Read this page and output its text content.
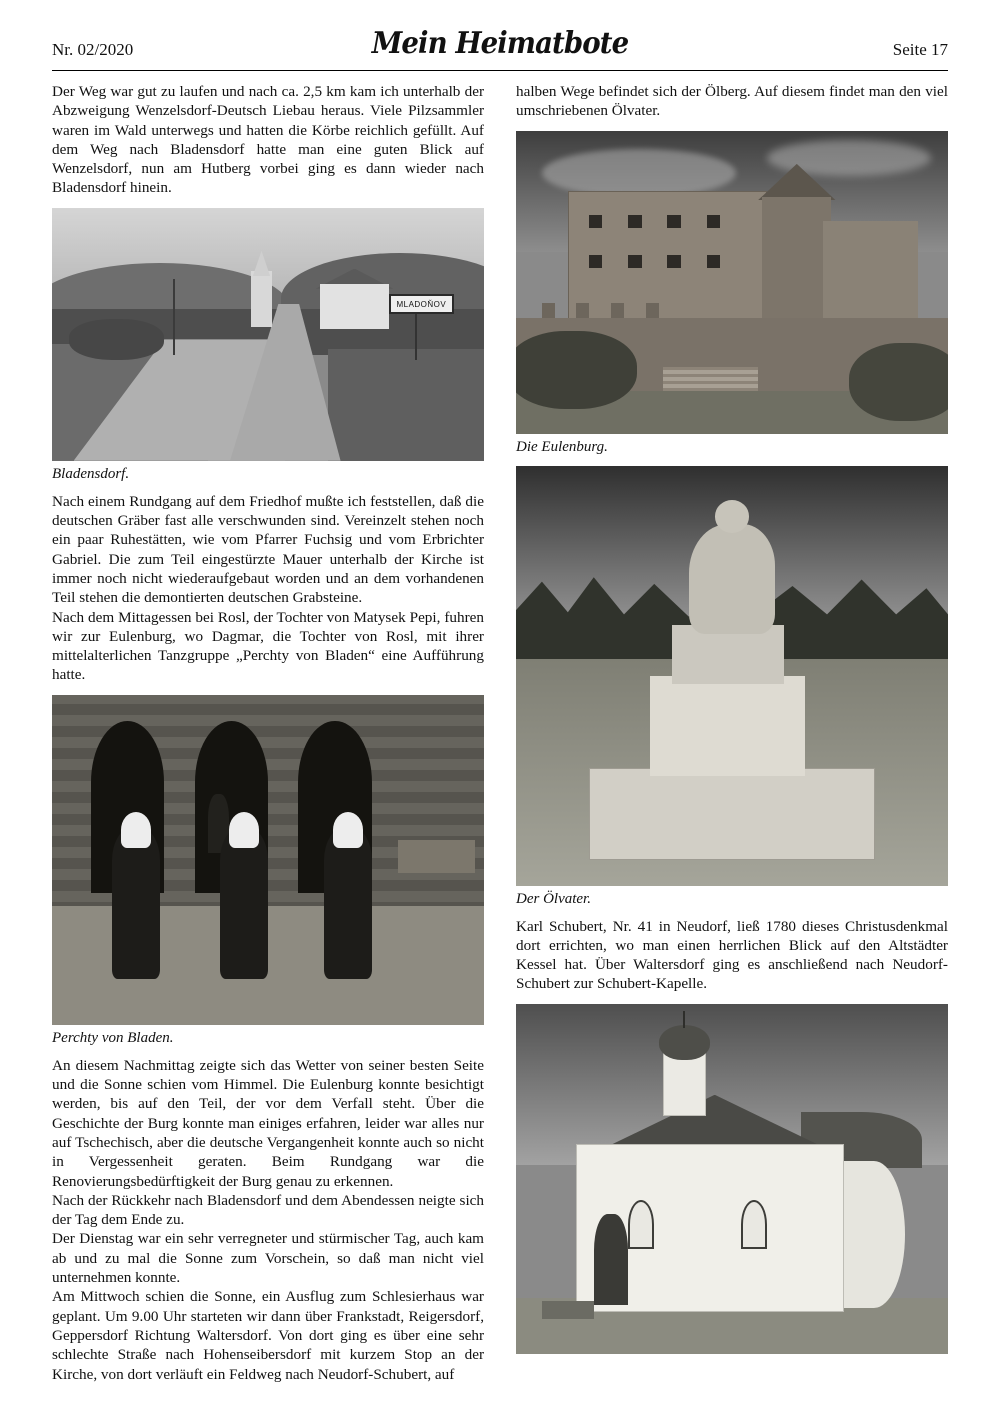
Nr. 02/2020	Mein Heimatbote	Seite 17

Der Weg war gut zu laufen und nach ca. 2,5 km kam ich unterhalb der Abzweigung Wenzelsdorf-Deutsch Liebau heraus. Viele Pilzsammler waren im Wald unterwegs und hatten die Körbe reichlich gefüllt. Auf dem Weg nach Bladensdorf hatte man eine guten Blick auf Wenzelsdorf, nun am Hutberg vorbei ging es dann wieder nach Bladensdorf hinein.

MLADOŇOV
Bladensdorf.

Nach einem Rundgang auf dem Friedhof mußte ich feststellen, daß die deutschen Gräber fast alle verschwunden sind. Vereinzelt stehen noch ein paar Ruhestätten, wie vom Pfarrer Fuchsig und vom Erbrichter Gabriel. Die zum Teil eingestürzte Mauer unterhalb der Kirche ist immer noch nicht wiederaufgebaut worden und an dem vorhandenen Teil stehen die demontierten deutschen Grabsteine.

Nach dem Mittagessen bei Rosl, der Tochter von Matysek Pepi, fuhren wir zur Eulenburg, wo Dagmar, die Tochter von Rosl, mit ihrer mittelalterlichen Tanzgruppe „Perchty von Bladen“ eine Aufführung hatte.

Perchty von Bladen.

An diesem Nachmittag zeigte sich das Wetter von seiner besten Seite und die Sonne schien vom Himmel. Die Eulenburg konnte besichtigt werden, bis auf den Teil, der vor dem Verfall steht. Über die Geschichte der Burg konnte man einiges erfahren, leider war alles nur auf Tschechisch, aber die deutsche Vergangenheit konnte auch so nicht in Vergessenheit geraten. Beim Rundgang war die Renovierungsbedürftigkeit der Burg genau zu erkennen.

Nach der Rückkehr nach Bladensdorf und dem Abendessen neigte sich der Tag dem Ende zu.

Der Dienstag war ein sehr verregneter und stürmischer Tag, auch kam ab und zu mal die Sonne zum Vorschein, so daß man nicht viel unternehmen konnte.

Am Mittwoch schien die Sonne, ein Ausflug zum Schlesierhaus war geplant. Um 9.00 Uhr starteten wir dann über Frankstadt, Reigersdorf, Geppersdorf Richtung Waltersdorf. Von dort ging es über eine sehr schlechte Straße nach Hohenseibersdorf mit kurzem Stop an der Kirche, von dort verläuft ein Feldweg nach Neudorf-Schubert, auf

halben Wege befindet sich der Ölberg. Auf diesem findet man den viel umschriebenen Ölvater.

Die Eulenburg.
Der Ölvater.

Karl Schubert, Nr. 41 in Neudorf, ließ 1780 dieses Christusdenkmal dort errichten, wo man einen herrlichen Blick auf den Altstädter Kessel hat. Über Waltersdorf ging es anschließend nach Neudorf-Schubert zur Schubert-Kapelle.
